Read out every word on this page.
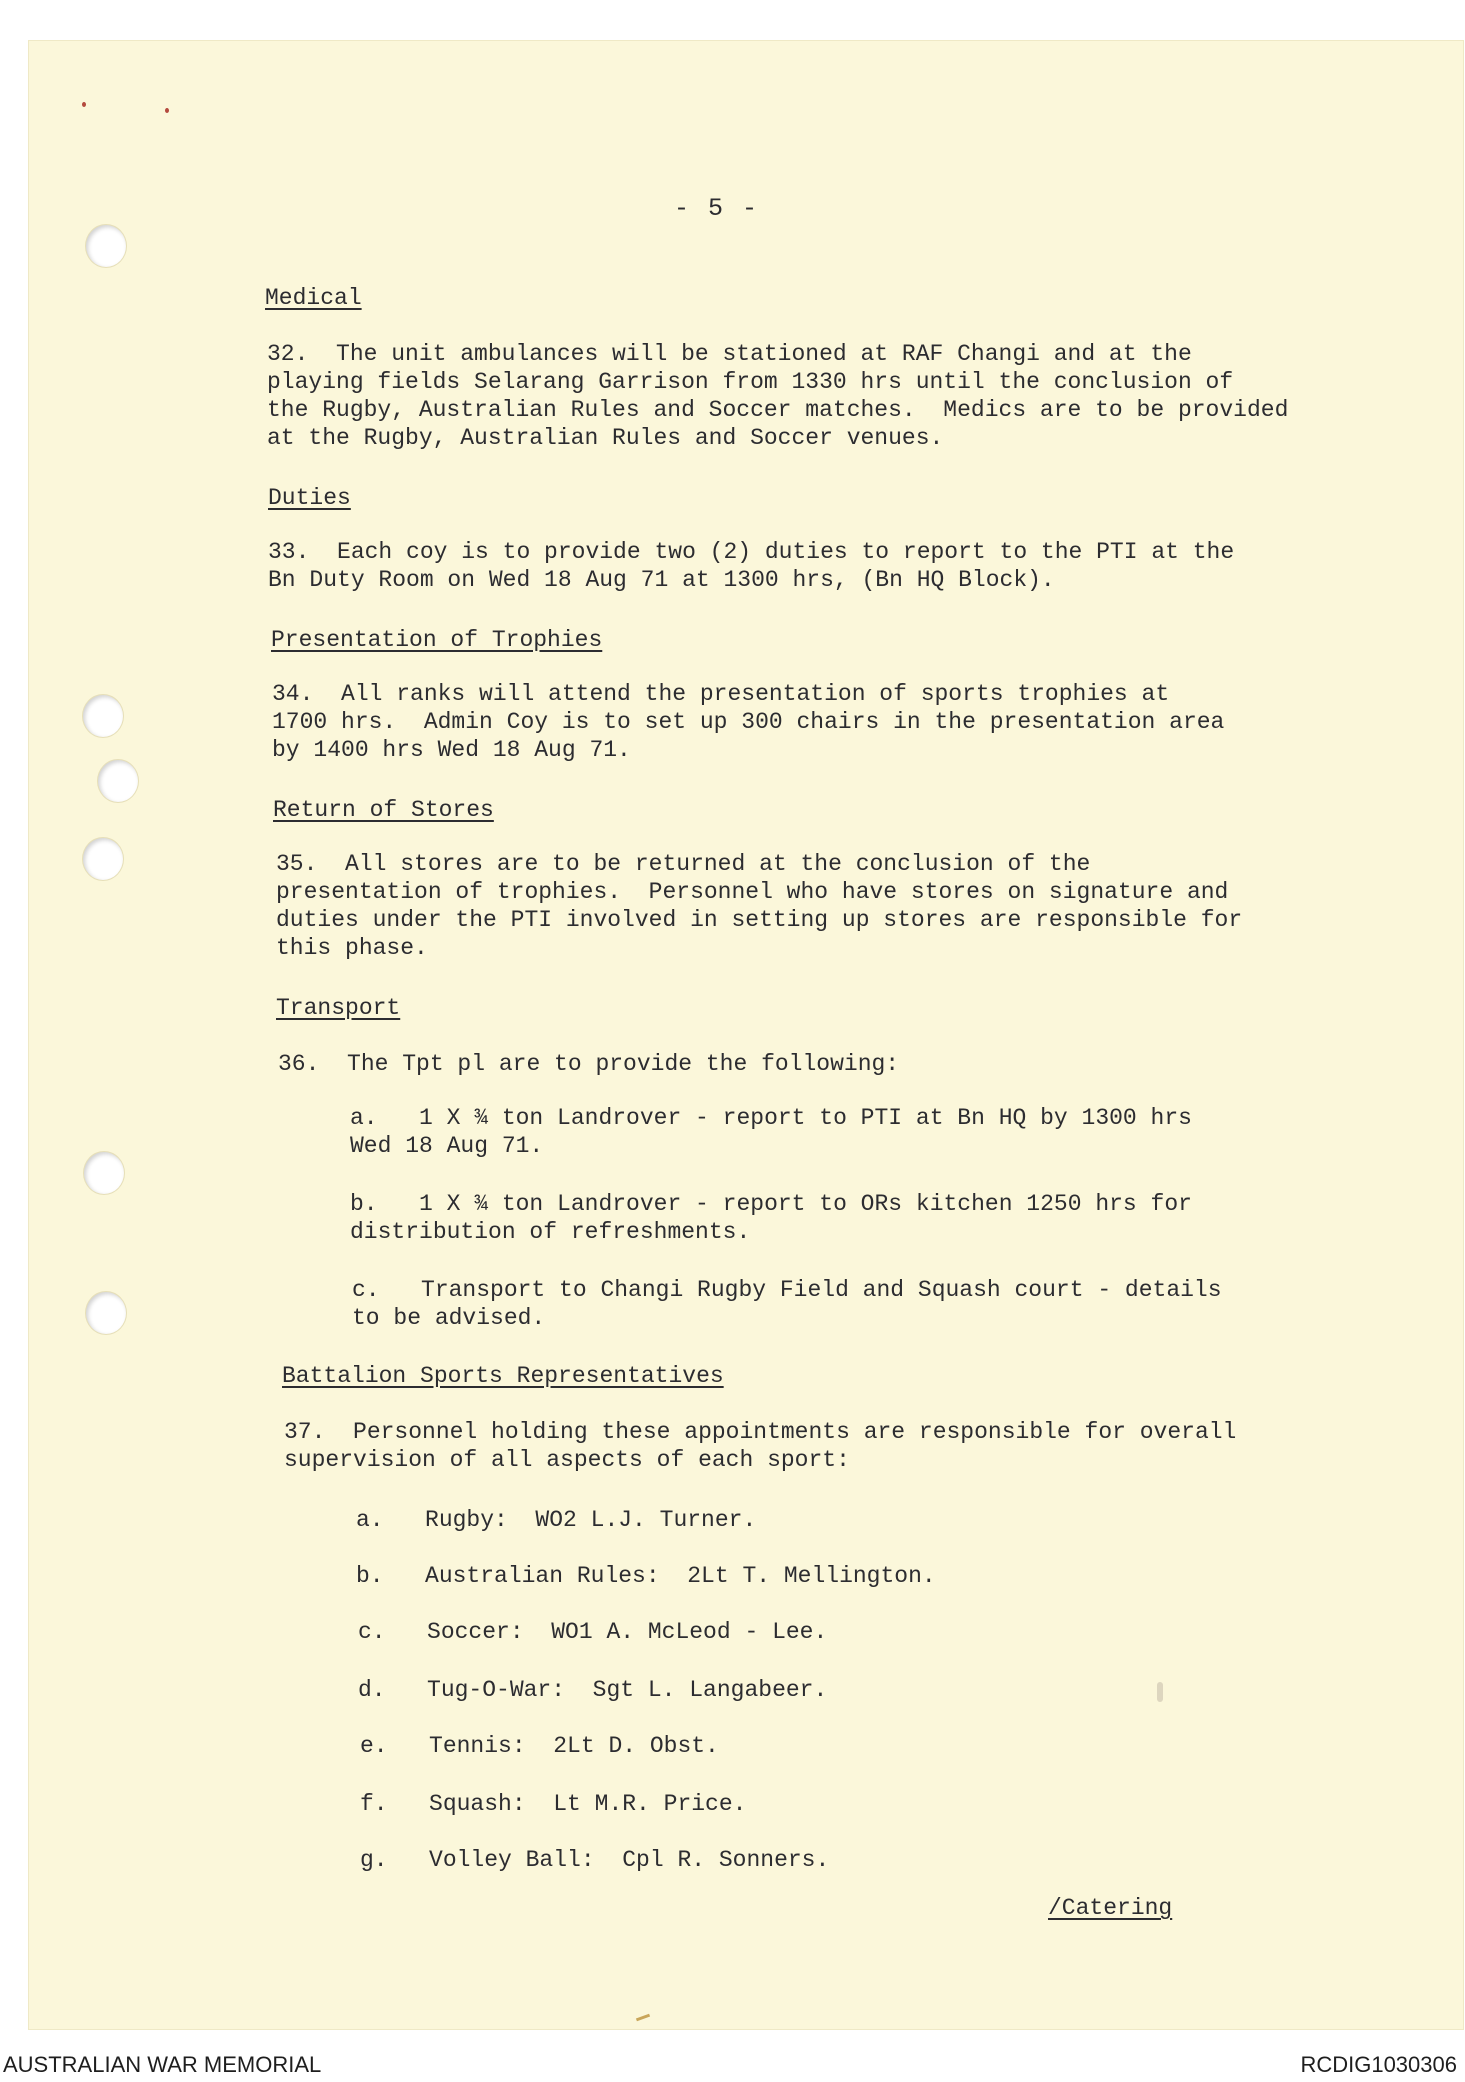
- 5 -
Medical
32.  The unit ambulances will be stationed at RAF Changi and at the
playing fields Selarang Garrison from 1330 hrs until the conclusion of
the Rugby, Australian Rules and Soccer matches.  Medics are to be provided
at the Rugby, Australian Rules and Soccer venues.
Duties
33.  Each coy is to provide two (2) duties to report to the PTI at the
Bn Duty Room on Wed 18 Aug 71 at 1300 hrs, (Bn HQ Block).
Presentation of Trophies
34.  All ranks will attend the presentation of sports trophies at
1700 hrs.  Admin Coy is to set up 300 chairs in the presentation area
by 1400 hrs Wed 18 Aug 71.
Return of Stores
35.  All stores are to be returned at the conclusion of the
presentation of trophies.  Personnel who have stores on signature and
duties under the PTI involved in setting up stores are responsible for
this phase.
Transport
36.  The Tpt pl are to provide the following:
a.   1 X ¾ ton Landrover - report to PTI at Bn HQ by 1300 hrs
Wed 18 Aug 71.
b.   1 X ¾ ton Landrover - report to ORs kitchen 1250 hrs for
distribution of refreshments.
c.   Transport to Changi Rugby Field and Squash court - details
to be advised.
Battalion Sports Representatives
37.  Personnel holding these appointments are responsible for overall
supervision of all aspects of each sport:
a.   Rugby:  WO2 L.J. Turner.
b.   Australian Rules:  2Lt T. Mellington.
c.   Soccer:  WO1 A. McLeod - Lee.
d.   Tug-O-War:  Sgt L. Langabeer.
e.   Tennis:  2Lt D. Obst.
f.   Squash:  Lt M.R. Price.
g.   Volley Ball:  Cpl R. Sonners.
/Catering
AUSTRALIAN WAR MEMORIAL	RCDIG1030306
